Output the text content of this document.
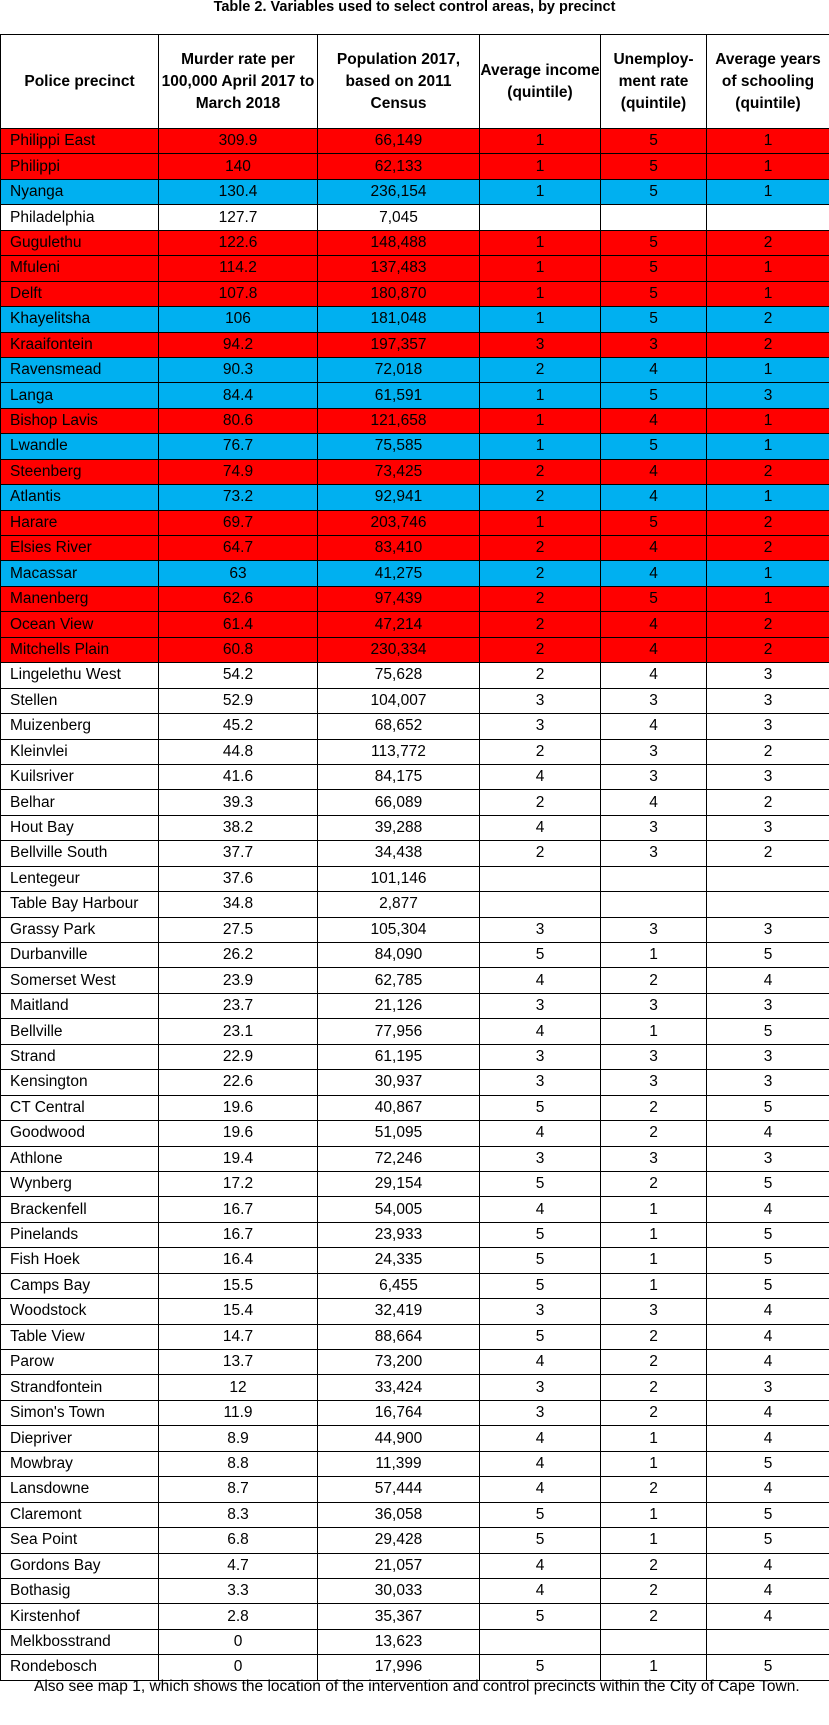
Table 2. Variables used to select control areas, by precinct
Police precinct	Murder rate per 100,000 April 2017 to March 2018	Population 2017, based on 2011 Census	Average income (quintile)	Unemploy-ment rate (quintile)	Average years of schooling (quintile)
Philippi East	309.9	66,149	1	5	1
Philippi	140	62,133	1	5	1
Nyanga	130.4	236,154	1	5	1
Philadelphia	127.7	7,045			
Gugulethu	122.6	148,488	1	5	2
Mfuleni	114.2	137,483	1	5	1
Delft	107.8	180,870	1	5	1
Khayelitsha	106	181,048	1	5	2
Kraaifontein	94.2	197,357	3	3	2
Ravensmead	90.3	72,018	2	4	1
Langa	84.4	61,591	1	5	3
Bishop Lavis	80.6	121,658	1	4	1
Lwandle	76.7	75,585	1	5	1
Steenberg	74.9	73,425	2	4	2
Atlantis	73.2	92,941	2	4	1
Harare	69.7	203,746	1	5	2
Elsies River	64.7	83,410	2	4	2
Macassar	63	41,275	2	4	1
Manenberg	62.6	97,439	2	5	1
Ocean View	61.4	47,214	2	4	2
Mitchells Plain	60.8	230,334	2	4	2
Lingelethu West	54.2	75,628	2	4	3
Stellen	52.9	104,007	3	3	3
Muizenberg	45.2	68,652	3	4	3
Kleinvlei	44.8	113,772	2	3	2
Kuilsriver	41.6	84,175	4	3	3
Belhar	39.3	66,089	2	4	2
Hout Bay	38.2	39,288	4	3	3
Bellville South	37.7	34,438	2	3	2
Lentegeur	37.6	101,146			
Table Bay Harbour	34.8	2,877			
Grassy Park	27.5	105,304	3	3	3
Durbanville	26.2	84,090	5	1	5
Somerset West	23.9	62,785	4	2	4
Maitland	23.7	21,126	3	3	3
Bellville	23.1	77,956	4	1	5
Strand	22.9	61,195	3	3	3
Kensington	22.6	30,937	3	3	3
CT Central	19.6	40,867	5	2	5
Goodwood	19.6	51,095	4	2	4
Athlone	19.4	72,246	3	3	3
Wynberg	17.2	29,154	5	2	5
Brackenfell	16.7	54,005	4	1	4
Pinelands	16.7	23,933	5	1	5
Fish Hoek	16.4	24,335	5	1	5
Camps Bay	15.5	6,455	5	1	5
Woodstock	15.4	32,419	3	3	4
Table View	14.7	88,664	5	2	4
Parow	13.7	73,200	4	2	4
Strandfontein	12	33,424	3	2	3
Simon's Town	11.9	16,764	3	2	4
Diepriver	8.9	44,900	4	1	4
Mowbray	8.8	11,399	4	1	5
Lansdowne	8.7	57,444	4	2	4
Claremont	8.3	36,058	5	1	5
Sea Point	6.8	29,428	5	1	5
Gordons Bay	4.7	21,057	4	2	4
Bothasig	3.3	30,033	4	2	4
Kirstenhof	2.8	35,367	5	2	4
Melkbosstrand	0	13,623			
Rondebosch	0	17,996	5	1	5
Also see map 1, which shows the location of the intervention and control precincts within the City of Cape Town.
